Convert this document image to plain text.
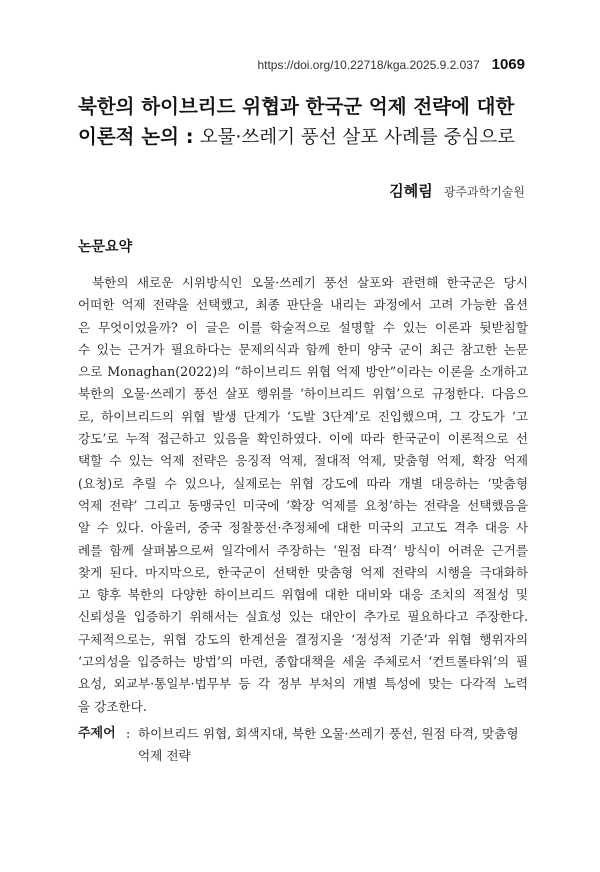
https://doi.org/10.22718/kga.2025.9.2.037 1069
북한의 하이브리드 위협과 한국군 억제 전략에 대한
이론적 논의 : 오물·쓰레기 풍선 살포 사례를 중심으로
김혜림 광주과학기술원
논문요약
북한의 새로운 시위방식인 오물·쓰레기 풍선 살포와 관련해 한국군은 당시
어떠한 억제 전략을 선택했고, 최종 판단을 내리는 과정에서 고려 가능한 옵션
은 무엇이었을까? 이 글은 이를 학술적으로 설명할 수 있는 이론과 뒷받침할
수 있는 근거가 필요하다는 문제의식과 함께 한미 양국 군이 최근 참고한 논문
으로 Monaghan(2022)의 “하이브리드 위협 억제 방안”이라는 이론을 소개하고
북한의 오물·쓰레기 풍선 살포 행위를 ‘하이브리드 위협’으로 규정한다. 다음으
로, 하이브리드의 위협 발생 단계가 ‘도발 3단계’로 진입했으며, 그 강도가 ‘고
강도’로 누적 접근하고 있음을 확인하였다. 이에 따라 한국군이 이론적으로 선
택할 수 있는 억제 전략은 응징적 억제, 절대적 억제, 맞춤형 억제, 확장 억제
(요청)로 추릴 수 있으나, 실제로는 위협 강도에 따라 개별 대응하는 ‘맞춤형
억제 전략’ 그리고 동맹국인 미국에 ‘확장 억제를 요청’하는 전략을 선택했음을
알 수 있다. 아울러, 중국 정찰풍선·추정체에 대한 미국의 고고도 격추 대응 사
례를 함께 살펴봄으로써 일각에서 주장하는 ‘원점 타격’ 방식이 어려운 근거를
찾게 된다. 마지막으로, 한국군이 선택한 맞춤형 억제 전략의 시행을 극대화하
고 향후 북한의 다양한 하이브리드 위협에 대한 대비와 대응 조치의 적절성 및
신뢰성을 입증하기 위해서는 실효성 있는 대안이 추가로 필요하다고 주장한다.
구체적으로는, 위협 강도의 한계선을 결정지을 ‘정성적 기준’과 위협 행위자의
‘고의성을 입증하는 방법’의 마련, 종합대책을 세울 주체로서 ‘컨트롤타워’의 필
요성, 외교부·통일부·법무부 등 각 정부 부처의 개별 특성에 맞는 다각적 노력
을 강조한다.
주제어 : 하이브리드 위협, 회색지대, 북한 오물·쓰레기 풍선, 원점 타격, 맞춤형
억제 전략
